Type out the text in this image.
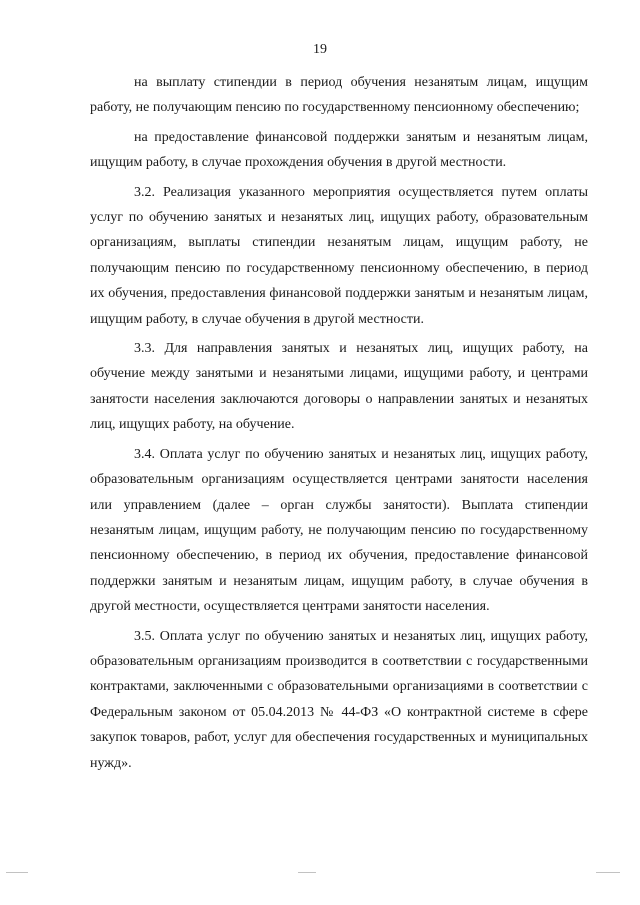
19

на выплату стипендии в период обучения незанятым лицам, ищущим работу, не получающим пенсию по государственному пенсионному обеспечению;

на предоставление финансовой поддержки занятым и незанятым лицам, ищущим работу, в случае прохождения обучения в другой местности.

3.2. Реализация указанного мероприятия осуществляется путем оплаты услуг по обучению занятых и незанятых лиц, ищущих работу, образовательным организациям, выплаты стипендии незанятым лицам, ищущим работу, не получающим пенсию по государственному пенсионному обеспечению, в период их обучения, предоставления финансовой поддержки занятым и незанятым лицам, ищущим работу, в случае обучения в другой местности.

3.3. Для направления занятых и незанятых лиц, ищущих работу, на обучение между занятыми и незанятыми лицами, ищущими работу, и центрами занятости населения заключаются договоры о направлении занятых и незанятых лиц, ищущих работу, на обучение.

3.4. Оплата услуг по обучению занятых и незанятых лиц, ищущих работу, образовательным организациям осуществляется центрами занятости населения или управлением (далее – орган службы занятости). Выплата стипендии незанятым лицам, ищущим работу, не получающим пенсию по государственному пенсионному обеспечению, в период их обучения, предоставление финансовой поддержки занятым и незанятым лицам, ищущим работу, в случае обучения в другой местности, осуществляется центрами занятости населения.

3.5. Оплата услуг по обучению занятых и незанятых лиц, ищущих работу, образовательным организациям производится в соответствии с государственными контрактами, заключенными с образовательными организациями в соответствии с Федеральным законом от 05.04.2013 № 44-ФЗ «О контрактной системе в сфере закупок товаров, работ, услуг для обеспечения государственных и муниципальных нужд».
